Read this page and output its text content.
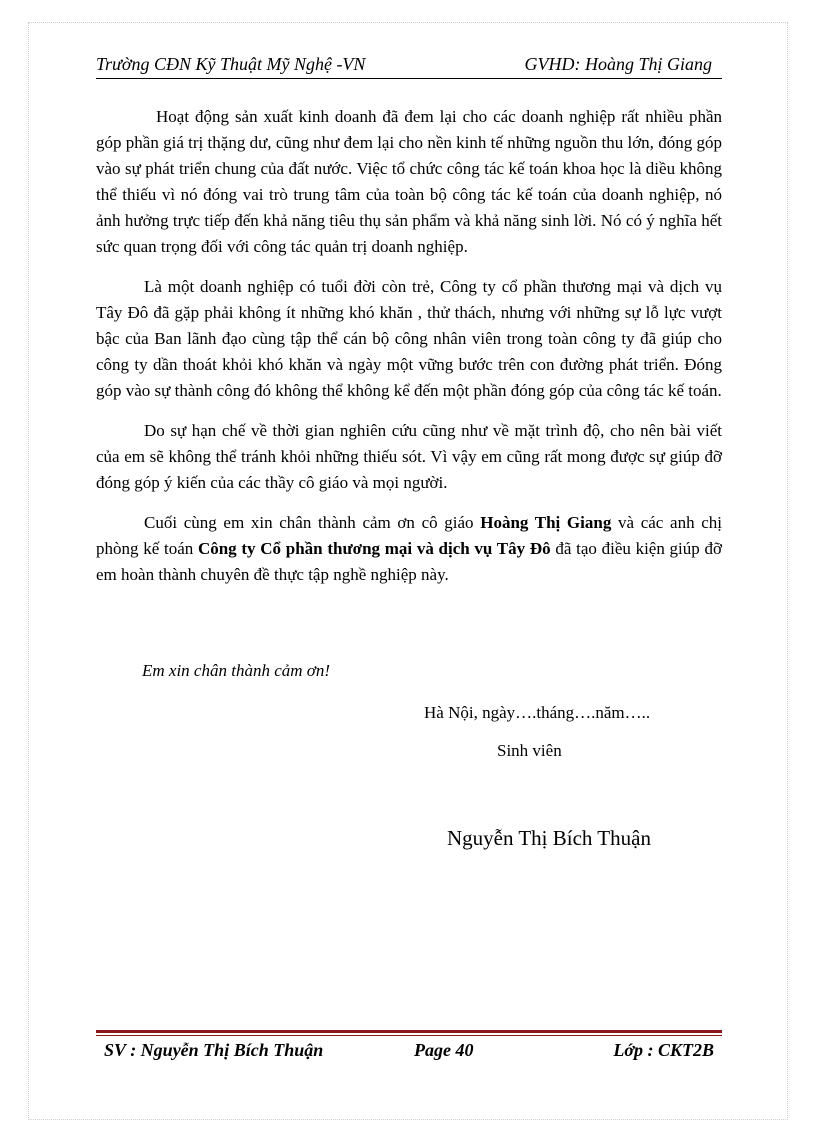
Trường CĐN Kỹ Thuật Mỹ Nghệ -VN	GVHD: Hoàng Thị Giang

Hoạt động sản xuất kinh doanh đã đem lại cho các doanh nghiệp rất nhiều phần góp phần giá trị thặng dư, cũng như đem lại cho nền kinh tế những nguồn thu lớn, đóng góp vào sự phát triển chung của đất nước. Việc tổ chức công tác kế toán khoa học là diều không thể thiếu vì nó đóng vai trò trung tâm của toàn bộ công tác kế toán của doanh nghiệp, nó ảnh hưởng trực tiếp đến khả năng tiêu thụ sản phẩm và khả năng sinh lời. Nó có ý nghĩa hết sức quan trọng đối với công tác quản trị doanh nghiệp.

Là một doanh nghiệp có tuổi đời còn trẻ, Công ty cổ phần thương mại và dịch vụ Tây Đô đã gặp phải không ít những khó khăn , thử thách, nhưng với những sự lỗ lực vượt bậc của Ban lãnh đạo cùng tập thể cán bộ công nhân viên trong toàn công ty đã giúp cho công ty dần thoát khỏi khó khăn và ngày một vững bước trên con đường phát triển. Đóng góp vào sự thành công đó không thể không kể đến một phần đóng góp của công tác kế toán.

Do sự hạn chế về thời gian nghiên cứu cũng như về mặt trình độ, cho nên bài viết của em sẽ không thể tránh khỏi những thiếu sót. Vì vậy em cũng rất mong được sự giúp đỡ đóng góp ý kiến của các thầy cô giáo và mọi người.

Cuối cùng em xin chân thành cảm ơn cô giáo Hoàng Thị Giang và các anh chị phòng kế toán Công ty Cổ phần thương mại và dịch vụ Tây Đô đã tạo điều kiện giúp đỡ em hoàn thành chuyên đề thực tập nghề nghiệp này.

Em xin chân thành cảm ơn!
Hà Nội, ngày….tháng….năm…..
Sinh viên
Nguyễn Thị Bích Thuận
SV : Nguyễn Thị Bích Thuận	Page 40	Lớp : CKT2B
